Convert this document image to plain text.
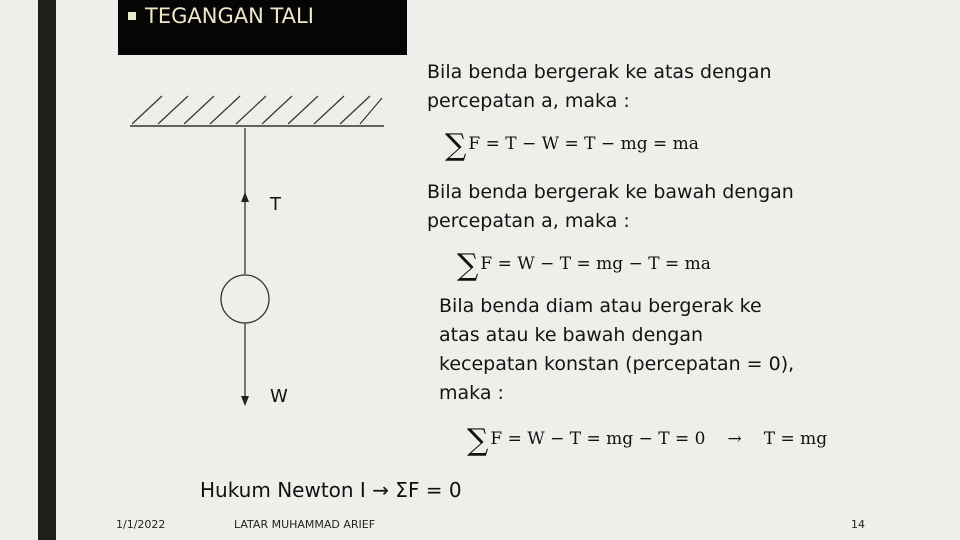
TEGANGAN TALI
T
W
Bila benda bergerak ke atas dengan
percepatan a, maka :
∑ F = T − W = T − mg = ma
Bila benda bergerak ke bawah dengan
percepatan a, maka :
∑ F = W − T = mg − T = ma
Bila benda diam atau bergerak ke
atas atau ke bawah dengan
kecepatan konstan (percepatan = 0),
maka :
∑ F = W − T = mg − T = 0 → T = mg
Hukum Newton I → ΣF = 0
1/1/2022	LATAR MUHAMMAD ARIEF	14
